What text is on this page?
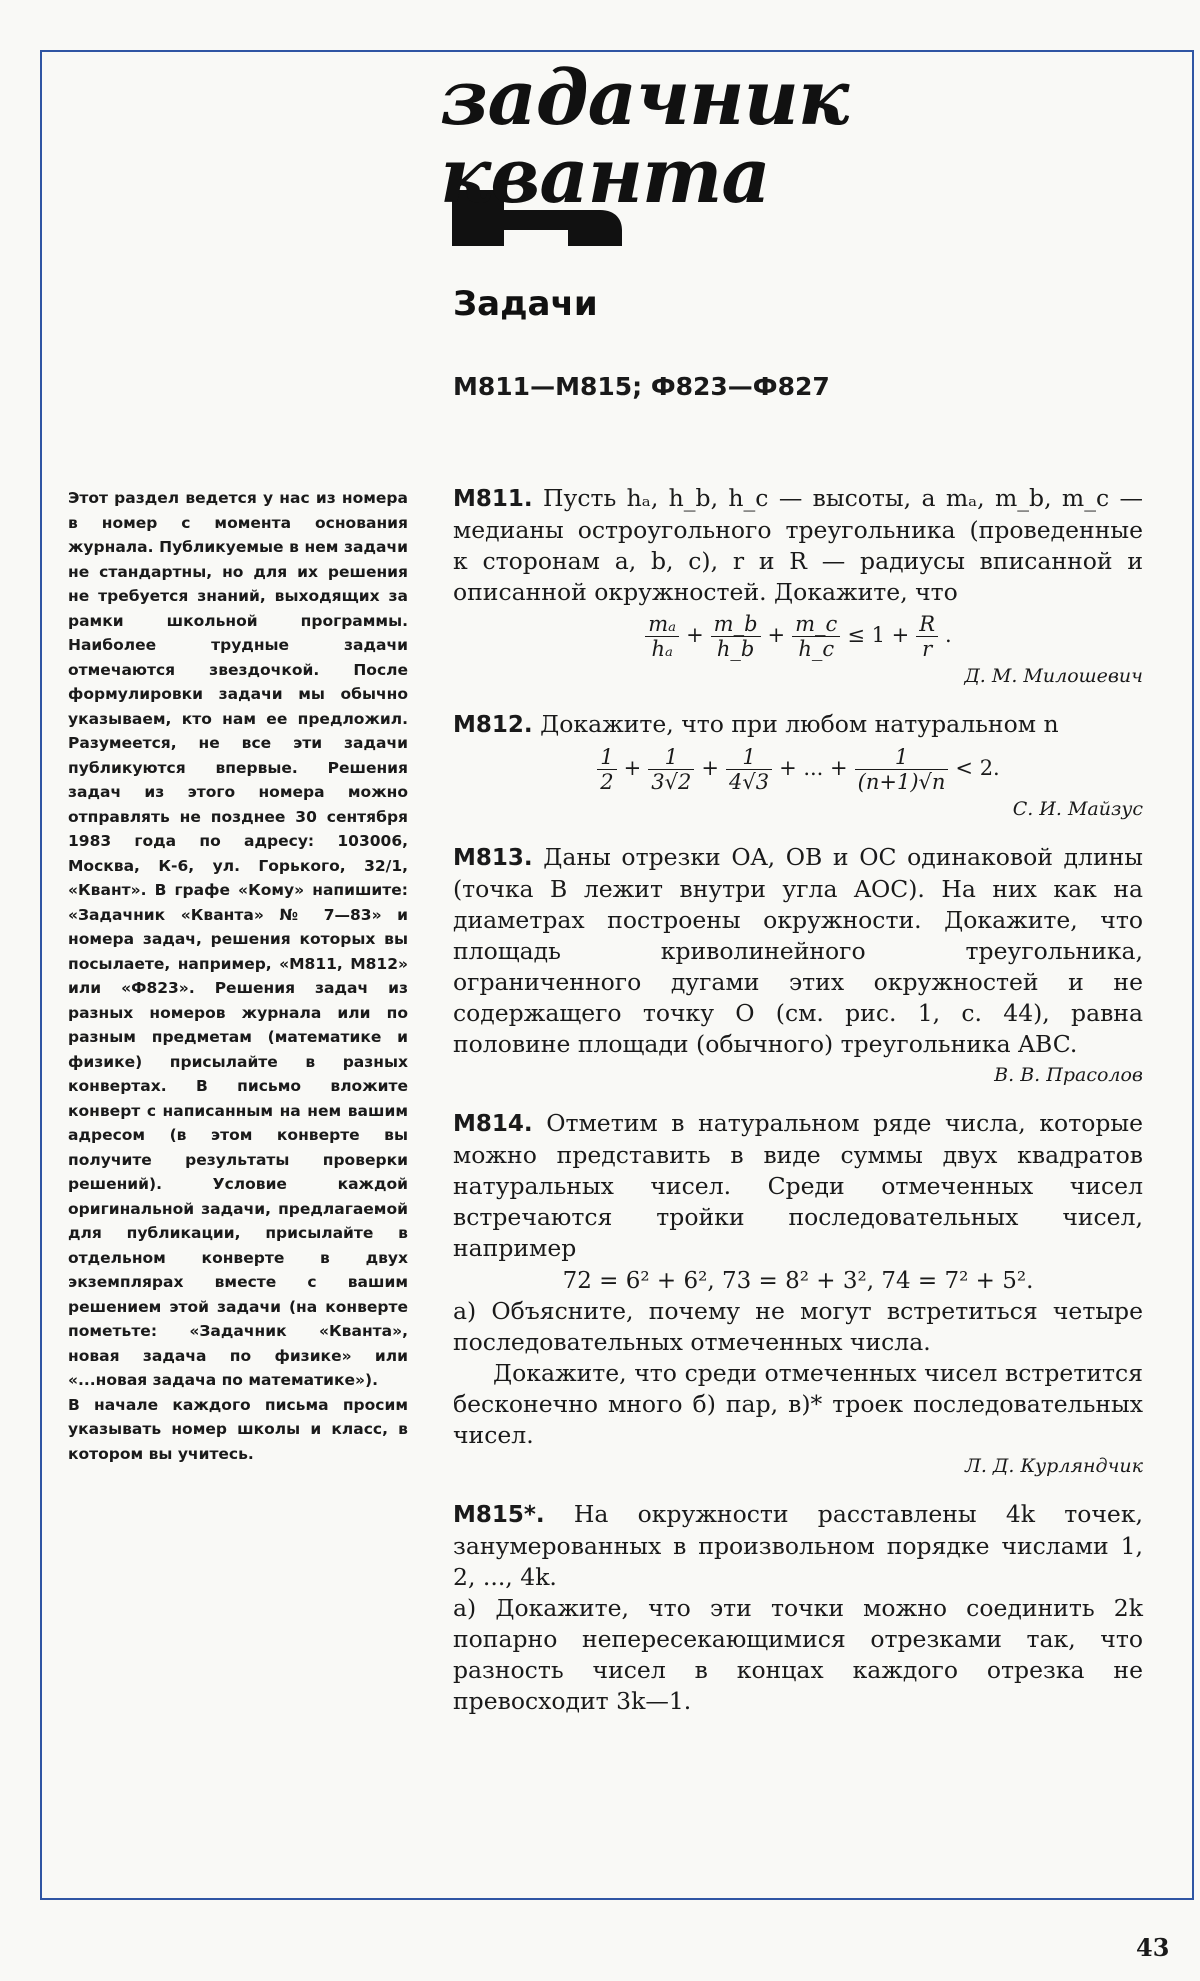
задачник
кванта
Задачи
M811—M815; Ф823—Ф827

Этот раздел ведется у нас из номера в номер с момента основания журнала. Публикуемые в нем задачи не стандартны, но для их решения не требуется знаний, выходящих за рамки школьной программы. Наиболее трудные задачи отмечаются звездочкой. После формулировки задачи мы обычно указываем, кто нам ее предложил. Разумеется, не все эти задачи публикуются впервые. Решения задач из этого номера можно отправлять не позднее 30 сентября 1983 года по адресу: 103006, Москва, К-6, ул. Горького, 32/1, «Квант». В графе «Кому» напишите: «Задачник «Кванта» № 7—83» и номера задач, решения которых вы посылаете, например, «M811, M812» или «Ф823». Решения задач из разных номеров журнала или по разным предметам (математике и физике) присылайте в разных конвертах. В письмо вложите конверт с написанным на нем вашим адресом (в этом конверте вы получите результаты проверки решений). Условие каждой оригинальной задачи, предлагаемой для публикации, присылайте в отдельном конверте в двух экземплярах вместе с вашим решением этой задачи (на конверте пометьте: «Задачник «Кванта», новая задача по физике» или «...новая задача по математике»).

В начале каждого письма просим указывать номер школы и класс, в котором вы учитесь.

M811. Пусть hₐ, h_b, h_c — высоты, а mₐ, m_b, m_c — медианы остроугольного треугольника (проведенные к сторонам a, b, c), r и R — радиусы вписанной и описанной окружностей. Докажите, что

$\frac{\text{mₐ}}{\text{hₐ}} + \frac{m\_b}{h\_b} + \frac{m\_c}{h\_c} \le 1 + \frac{R}{r}$ .

Д. М. Милошевич

M812. Докажите, что при любом натуральном n

$\frac{1}{2} + \frac{1}{3√2} + \frac{1}{4√3}$ + ... + $\frac{1}{(n+1)√n} < 2$.

С. И. Майзус

M813. Даны отрезки OA, OB и OC одинаковой длины (точка B лежит внутри угла AOC). На них как на диаметрах построены окружности. Докажите, что площадь криволинейного треугольника, ограниченного дугами этих окружностей и не содержащего точку O (см. рис. 1, с. 44), равна половине площади (обычного) треугольника ABC.

В. В. Прасолов

M814. Отметим в натуральном ряде числа, которые можно представить в виде суммы двух квадратов натуральных чисел. Среди отмеченных чисел встречаются тройки последовательных чисел, например

72 = 6² + 6², 73 = 8² + 3², 74 = 7² + 5².

а) Объясните, почему не могут встретиться четыре последовательных отмеченных числа.

Докажите, что среди отмеченных чисел встретится бесконечно много б) пар, в)* троек последовательных чисел.

Л. Д. Курляндчик

M815*. На окружности расставлены 4k точек, занумерованных в произвольном порядке числами 1, 2, ..., 4k.

а) Докажите, что эти точки можно соединить 2k попарно непересекающимися отрезками так, что разность чисел в концах каждого отрезка не превосходит 3k—1.

43
